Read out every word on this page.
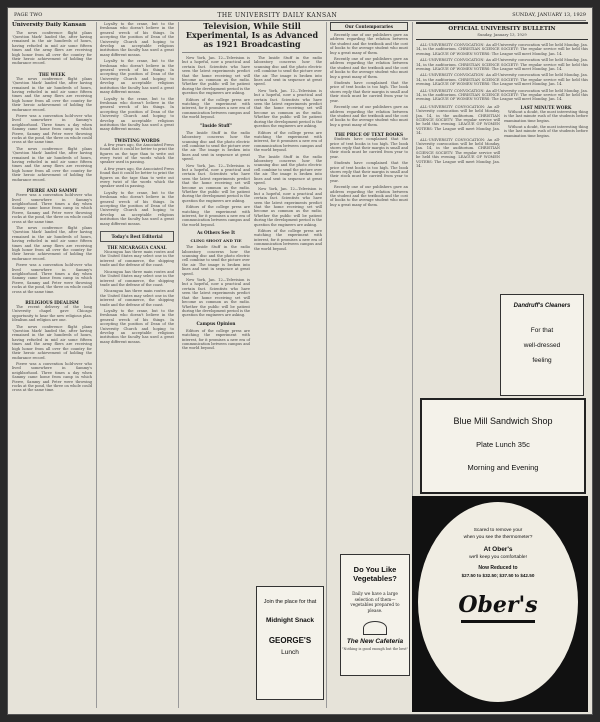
PAGE TWO	THE UNIVERSITY DAILY KANSAN	SUNDAY, JANUARY 13, 1929
University Daily Kansan

The news conference flight plans 'Question Mark' landed the, after having remained in the air hundreds of hours, having refueled in mid air some fifteen times and the army fliers are receiving high honor from all over the country for their heroic achievement of holding the endurance record.

THE WEEK

The news conference flight plans 'Question Mark' landed the, after having remained in the air hundreds of hours, having refueled in mid air some fifteen times and the army fliers are receiving high honor from all over the country for their heroic achievement of holding the endurance record.

Pierre was a convention hold-over who lived somewhere in Sammy's neighborhood. Three times a day when Sammy came home from camp in which Pierre, Sammy and Peter were throwing rocks at the pond, the three on whole could cross at the same time.

The news conference flight plans 'Question Mark' landed the, after having remained in the air hundreds of hours, having refueled in mid air some fifteen times and the army fliers are receiving high honor from all over the country for their heroic achievement of holding the endurance record.

PIERRE AND SAMMY

Pierre was a convention hold-over who lived somewhere in Sammy's neighborhood. Three times a day when Sammy came home from camp in which Pierre, Sammy and Peter were throwing rocks at the pond, the three on whole could cross at the same time.

The news conference flight plans 'Question Mark' landed the, after having remained in the air hundreds of hours, having refueled in mid air some fifteen times and the army fliers are receiving high honor from all over the country for their heroic achievement of holding the endurance record.

Pierre was a convention hold-over who lived somewhere in Sammy's neighborhood. Three times a day when Sammy came home from camp in which Pierre, Sammy and Peter were throwing rocks at the pond, the three on whole could cross at the same time.

RELIGIOUS IDEALISM

The recent delivery of the long University chapel gave Chicago opportunity to hear the new religious plan. Idealism and religion are one.

The news conference flight plans 'Question Mark' landed the, after having remained in the air hundreds of hours, having refueled in mid air some fifteen times and the army fliers are receiving high honor from all over the country for their heroic achievement of holding the endurance record.

Pierre was a convention hold-over who lived somewhere in Sammy's neighborhood. Three times a day when Sammy came home from camp in which Pierre, Sammy and Peter were throwing rocks at the pond, the three on whole could cross at the same time.

Loyalty to the crane, but to the freshman who doesn't believe in the general wreck of his things. In accepting the position of Dean of the University Church and hoping to develop an acceptable religious institution the faculty has used a great many different means.

Loyalty to the crane, but to the freshman who doesn't believe in the general wreck of his things. In accepting the position of Dean of the University Church and hoping to develop an acceptable religious institution the faculty has used a great many different means.

Loyalty to the crane, but to the freshman who doesn't believe in the general wreck of his things. In accepting the position of Dean of the University Church and hoping to develop an acceptable religious institution the faculty has used a great many different means.

TWISTING WORDS

A few years ago, the Associated Press found that it could be better to print the figures on the tape than to write out every twist of the words which the speaker used in passing.

A few years ago, the Associated Press found that it could be better to print the figures on the tape than to write out every twist of the words which the speaker used in passing.

Loyalty to the crane, but to the freshman who doesn't believe in the general wreck of his things. In accepting the position of Dean of the University Church and hoping to develop an acceptable religious institution the faculty has used a great many different means.

Today's Best Editorial
THE NICARAGUA CANAL

Nicaragua has three main routes and the United States may select one in the interest of commerce, the shipping trade and the defense of the coast.

Nicaragua has three main routes and the United States may select one in the interest of commerce, the shipping trade and the defense of the coast.

Nicaragua has three main routes and the United States may select one in the interest of commerce, the shipping trade and the defense of the coast.

Loyalty to the crane, but to the freshman who doesn't believe in the general wreck of his things. In accepting the position of Dean of the University Church and hoping to develop an acceptable religious institution the faculty has used a great many different means.

Television, While Still Experimental, Is as Advanced as 1921 Broadcasting

New York, Jan. 12—Television is but a hopeful, now a practical and certain fact. Scientists who have seen the latest experiments predict that the home receiving set will become as common as the radio. Whether the public will be patient during the development period is the question the engineers are asking.

Editors of the college press are watching the experiment with interest, for it promises a new era of communication between campus and the world beyond.

"Inside Stuff"

The Inside Stuff in the radio laboratory concerns how the scanning disc and the photo electric cell combine to send the picture over the air. The image is broken into lines and sent in sequence at great speed.

New York, Jan. 12—Television is but a hopeful, now a practical and certain fact. Scientists who have seen the latest experiments predict that the home receiving set will become as common as the radio. Whether the public will be patient during the development period is the question the engineers are asking.

Editors of the college press are watching the experiment with interest, for it promises a new era of communication between campus and the world beyond.

As Others See It
CLING SHOOT AND TIE

The Inside Stuff in the radio laboratory concerns how the scanning disc and the photo electric cell combine to send the picture over the air. The image is broken into lines and sent in sequence at great speed.

New York, Jan. 12—Television is but a hopeful, now a practical and certain fact. Scientists who have seen the latest experiments predict that the home receiving set will become as common as the radio. Whether the public will be patient during the development period is the question the engineers are asking.

Campus Opinion

Editors of the college press are watching the experiment with interest, for it promises a new era of communication between campus and the world beyond.

The Inside Stuff in the radio laboratory concerns how the scanning disc and the photo electric cell combine to send the picture over the air. The image is broken into lines and sent in sequence at great speed.

New York, Jan. 12—Television is but a hopeful, now a practical and certain fact. Scientists who have seen the latest experiments predict that the home receiving set will become as common as the radio. Whether the public will be patient during the development period is the question the engineers are asking.

Editors of the college press are watching the experiment with interest, for it promises a new era of communication between campus and the world beyond.

The Inside Stuff in the radio laboratory concerns how the scanning disc and the photo electric cell combine to send the picture over the air. The image is broken into lines and sent in sequence at great speed.

New York, Jan. 12—Television is but a hopeful, now a practical and certain fact. Scientists who have seen the latest experiments predict that the home receiving set will become as common as the radio. Whether the public will be patient during the development period is the question the engineers are asking.

Editors of the college press are watching the experiment with interest, for it promises a new era of communication between campus and the world beyond.

Join the place for that
Midnight Snack
GEORGE'S
Lunch
Our Contemporaries

Recently one of our publishers gave an address regarding the relation between the student and the textbook and the cost of books to the average student who must buy a great many of them.

Recently one of our publishers gave an address regarding the relation between the student and the textbook and the cost of books to the average student who must buy a great many of them.

Students have complained that the price of text books is too high. The book stores reply that their margin is small and their stock must be carried from year to year.

Recently one of our publishers gave an address regarding the relation between the student and the textbook and the cost of books to the average student who must buy a great many of them.

THE PRICE OF TEXT BOOKS

Students have complained that the price of text books is too high. The book stores reply that their margin is small and their stock must be carried from year to year.

Students have complained that the price of text books is too high. The book stores reply that their margin is small and their stock must be carried from year to year.

Recently one of our publishers gave an address regarding the relation between the student and the textbook and the cost of books to the average student who must buy a great many of them.

Do You Like Vegetables?
Daily we have a large selection of them—vegetables prepared to please.
The New Cafeteria
"Nothing is good enough but the best"
OFFICIAL UNIVERSITY BULLETIN
Sunday, January 13, 1929

ALL-UNIVERSITY CONVOCATION: An all-University convocation will be held Monday, Jan. 14, in the auditorium. CHRISTIAN SCIENCE SOCIETY: The regular service will be held this evening. LEAGUE OF WOMEN VOTERS: The League will meet Monday, Jan. 14.

ALL-UNIVERSITY CONVOCATION: An all-University convocation will be held Monday, Jan. 14, in the auditorium. CHRISTIAN SCIENCE SOCIETY: The regular service will be held this evening. LEAGUE OF WOMEN VOTERS: The League will meet Monday, Jan. 14.

ALL-UNIVERSITY CONVOCATION: An all-University convocation will be held Monday, Jan. 14, in the auditorium. CHRISTIAN SCIENCE SOCIETY: The regular service will be held this evening. LEAGUE OF WOMEN VOTERS: The League will meet Monday, Jan. 14.

ALL-UNIVERSITY CONVOCATION: An all-University convocation will be held Monday, Jan. 14, in the auditorium. CHRISTIAN SCIENCE SOCIETY: The regular service will be held this evening. LEAGUE OF WOMEN VOTERS: The League will meet Monday, Jan. 14.

ALL-UNIVERSITY CONVOCATION: An all-University convocation will be held Monday, Jan. 14, in the auditorium. CHRISTIAN SCIENCE SOCIETY: The regular service will be held this evening. LEAGUE OF WOMEN VOTERS: The League will meet Monday, Jan. 14.

ALL-UNIVERSITY CONVOCATION: An all-University convocation will be held Monday, Jan. 14, in the auditorium. CHRISTIAN SCIENCE SOCIETY: The regular service will be held this evening. LEAGUE OF WOMEN VOTERS: The League will meet Monday, Jan. 14.

LAST MINUTE WORK

Without a doubt, the most interesting thing is the last minute rush of the students before examination time begins.

Without a doubt, the most interesting thing is the last minute rush of the students before examination time begins.

Dandruff's Cleaners
For that
well-dressed
feeling
Blue Mill Sandwich Shop
Plate Lunch 35c
Morning and Evening
Scared to remove your
when you see the thermometer?
At Ober's
we'll keep you comfortable!
Now Reduced to
$27.50 to $32.50; $37.50 to $42.50
Ober's
